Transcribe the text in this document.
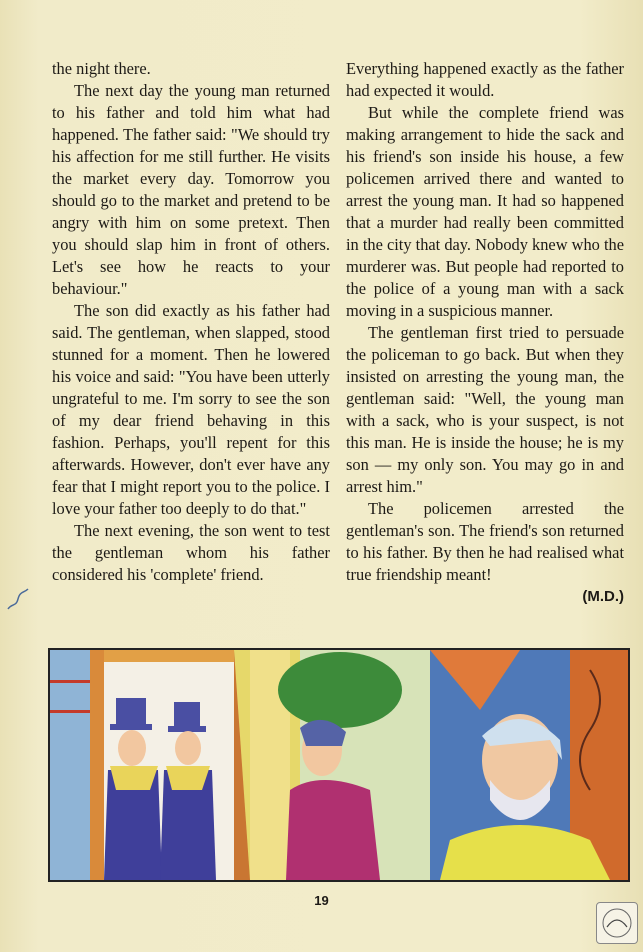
the night there.

The next day the young man returned to his father and told him what had happened. The father said: "We should try his affection for me still further. He visits the market every day. Tomorrow you should go to the market and pretend to be angry with him on some pretext. Then you should slap him in front of others. Let's see how he reacts to your behaviour."

The son did exactly as his father had said. The gentleman, when slapped, stood stunned for a moment. Then he lowered his voice and said: "You have been utterly ungrateful to me. I'm sorry to see the son of my dear friend behaving in this fashion. Perhaps, you'll repent for this afterwards. However, don't ever have any fear that I might report you to the police. I love your father too deeply to do that."

The next evening, the son went to test the gentleman whom his father considered his 'complete' friend.

Everything happened exactly as the father had expected it would.

But while the complete friend was making arrangement to hide the sack and his friend's son inside his house, a few policemen arrived there and wanted to arrest the young man. It had so happened that a murder had really been committed in the city that day. Nobody knew who the murderer was. But people had reported to the police of a young man with a sack moving in a suspicious manner.

The gentleman first tried to persuade the policeman to go back. But when they insisted on arresting the young man, the gentleman said: "Well, the young man with a sack, who is your suspect, is not this man. He is inside the house; he is my son — my only son. You may go in and arrest him."

The policemen arrested the gentleman's son. The friend's son returned to his father. By then he had realised what true friendship meant!

(M.D.)
19
